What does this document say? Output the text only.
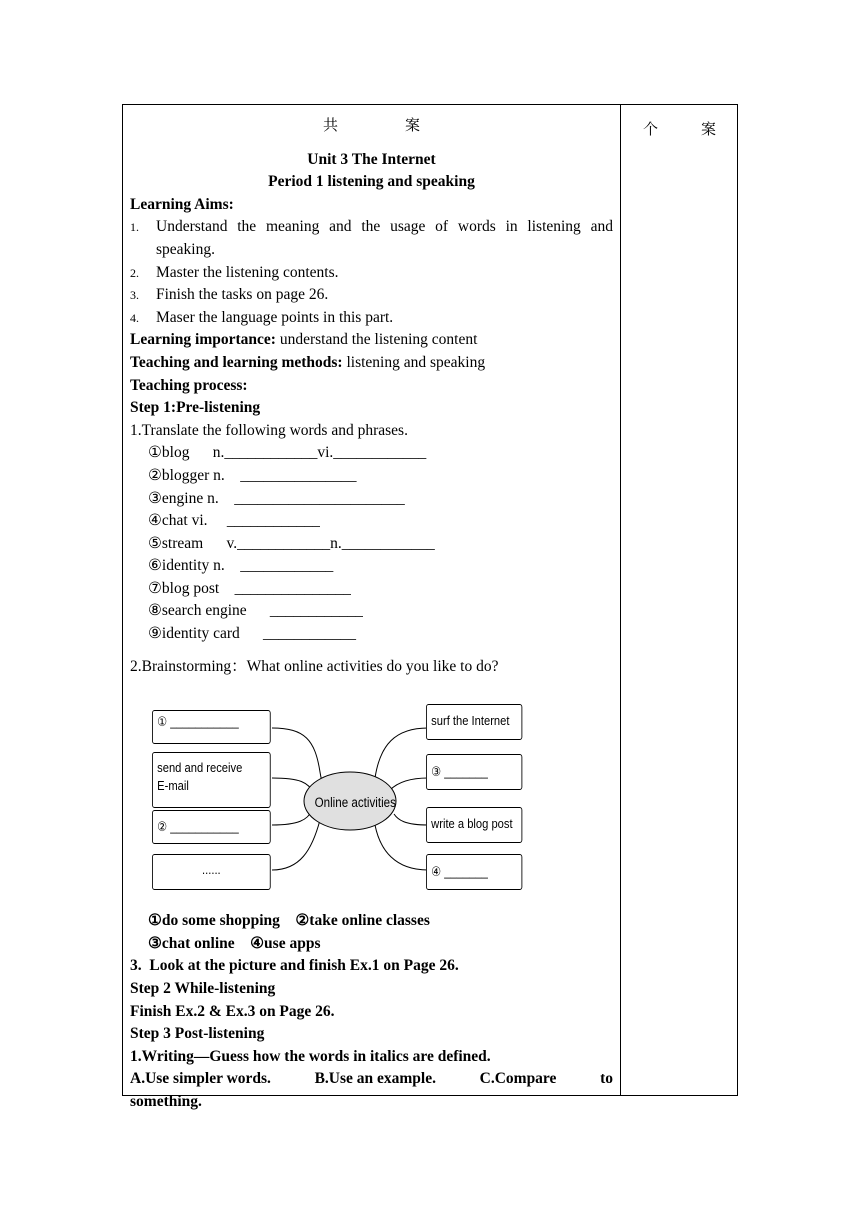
个　案
共　案
Unit 3 The Internet
Period 1 listening and speaking
Learning Aims:
1.	Understand the meaning and the usage of words in listening and speaking.
2.	Master the listening contents.
3.	Finish the tasks on page 26.
4.	Maser the language points in this part.
Learning importance: understand the listening content
Teaching and learning methods: listening and speaking
Teaching process:
Step 1:Pre-listening
1.Translate the following words and phrases.
①blog      n.____________vi.____________
②blogger n.    _______________
③engine n.    ______________________
④chat vi.     ____________
⑤stream      v.____________n.____________
⑥identity n.    ____________
⑦blog post    _______________
⑧search engine      ____________
⑨identity card      ____________
2.Brainstorming：What online activities do you like to do?
Online activities
① ___________
send and receive
E-mail
② ___________
......
surf the Internet
③ _______
write a blog post
④ _______
①do some shopping    ②take online classes
③chat online    ④use apps
3.  Look at the picture and finish Ex.1 on Page 26.
Step 2 While-listening
Finish Ex.2 & Ex.3 on Page 26.
Step 3 Post-listening
1.Writing—Guess how the words in italics are defined.
A.Use simpler words.	B.Use an example.	C.Compare	to
something.
